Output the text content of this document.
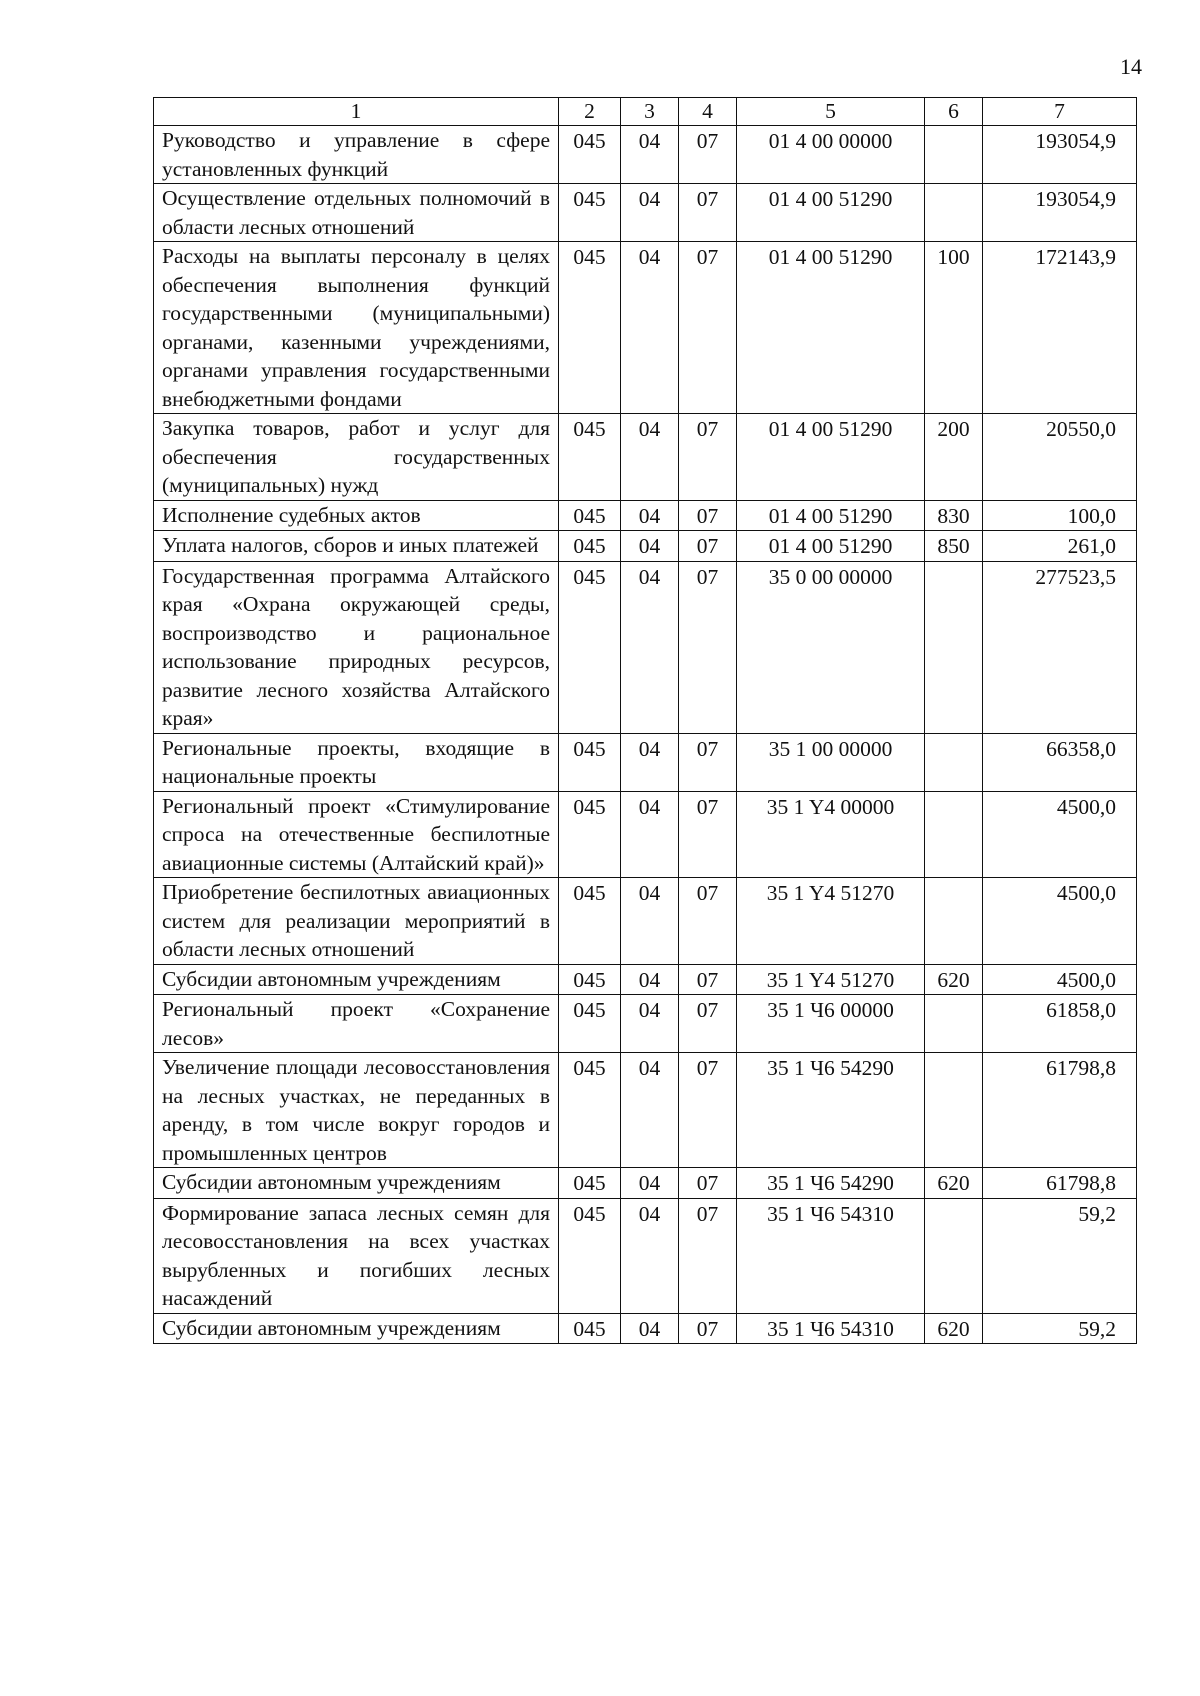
14
1	2	3	4	5	6	7
Руководство и управление в сфере установленных функций	045	04	07	01 4 00 00000		193054,9
Осуществление отдельных полномочий в области лесных отношений	045	04	07	01 4 00 51290		193054,9
Расходы на выплаты персоналу в целях обеспечения выполнения функций государственными (муниципальными) органами, казенными учреждениями, органами управления государственными внебюджетными фондами	045	04	07	01 4 00 51290	100	172143,9
Закупка товаров, работ и услуг для обеспечения государственных (муниципальных) нужд	045	04	07	01 4 00 51290	200	20550,0
Исполнение судебных актов	045	04	07	01 4 00 51290	830	100,0
Уплата налогов, сборов и иных платежей	045	04	07	01 4 00 51290	850	261,0
Государственная программа Алтайского края «Охрана окружающей среды, воспроизводство и рациональное использование природных ресурсов, развитие лесного хозяйства Алтайского края»	045	04	07	35 0 00 00000		277523,5
Региональные проекты, входящие в национальные проекты	045	04	07	35 1 00 00000		66358,0
Региональный проект «Стимулирование спроса на отечественные беспилотные авиационные системы (Алтайский край)»	045	04	07	35 1 Y4 00000		4500,0
Приобретение беспилотных авиационных систем для реализации мероприятий в области лесных отношений	045	04	07	35 1 Y4 51270		4500,0
Субсидии автономным учреждениям	045	04	07	35 1 Y4 51270	620	4500,0
Региональный проект «Сохранение лесов»	045	04	07	35 1 Ч6 00000		61858,0
Увеличение площади лесовосстановления на лесных участках, не переданных в аренду, в том числе вокруг городов и промышленных центров	045	04	07	35 1 Ч6 54290		61798,8
Субсидии автономным учреждениям	045	04	07	35 1 Ч6 54290	620	61798,8
Формирование запаса лесных семян для лесовосстановления на всех участках вырубленных и погибших лесных насаждений	045	04	07	35 1 Ч6 54310		59,2
Субсидии автономным учреждениям	045	04	07	35 1 Ч6 54310	620	59,2
